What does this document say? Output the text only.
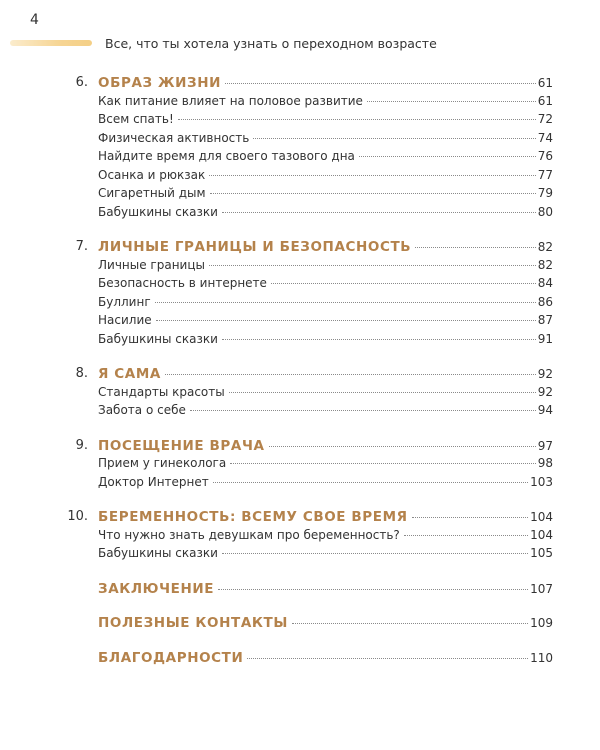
4
Все, что ты хотела узнать о переходном возрасте
6. ОБРАЗ ЖИЗНИ	61
Как питание влияет на половое развитие	61
Всем спать!	72
Физическая активность	74
Найдите время для своего тазового дна	76
Осанка и рюкзак	77
Сигаретный дым	79
Бабушкины сказки	80
7. ЛИЧНЫЕ ГРАНИЦЫ И БЕЗОПАСНОСТЬ	82
Личные границы	82
Безопасность в интернете	84
Буллинг	86
Насилие	87
Бабушкины сказки	91
8. Я САМА	92
Стандарты красоты	92
Забота о себе	94
9. ПОСЕЩЕНИЕ ВРАЧА	97
Прием у гинеколога	98
Доктор Интернет	103
10. БЕРЕМЕННОСТЬ: ВСЕМУ СВОЕ ВРЕМЯ	104
Что нужно знать девушкам про беременность?	104
Бабушкины сказки	105
ЗАКЛЮЧЕНИЕ	107
ПОЛЕЗНЫЕ КОНТАКТЫ	109
БЛАГОДАРНОСТИ	110
